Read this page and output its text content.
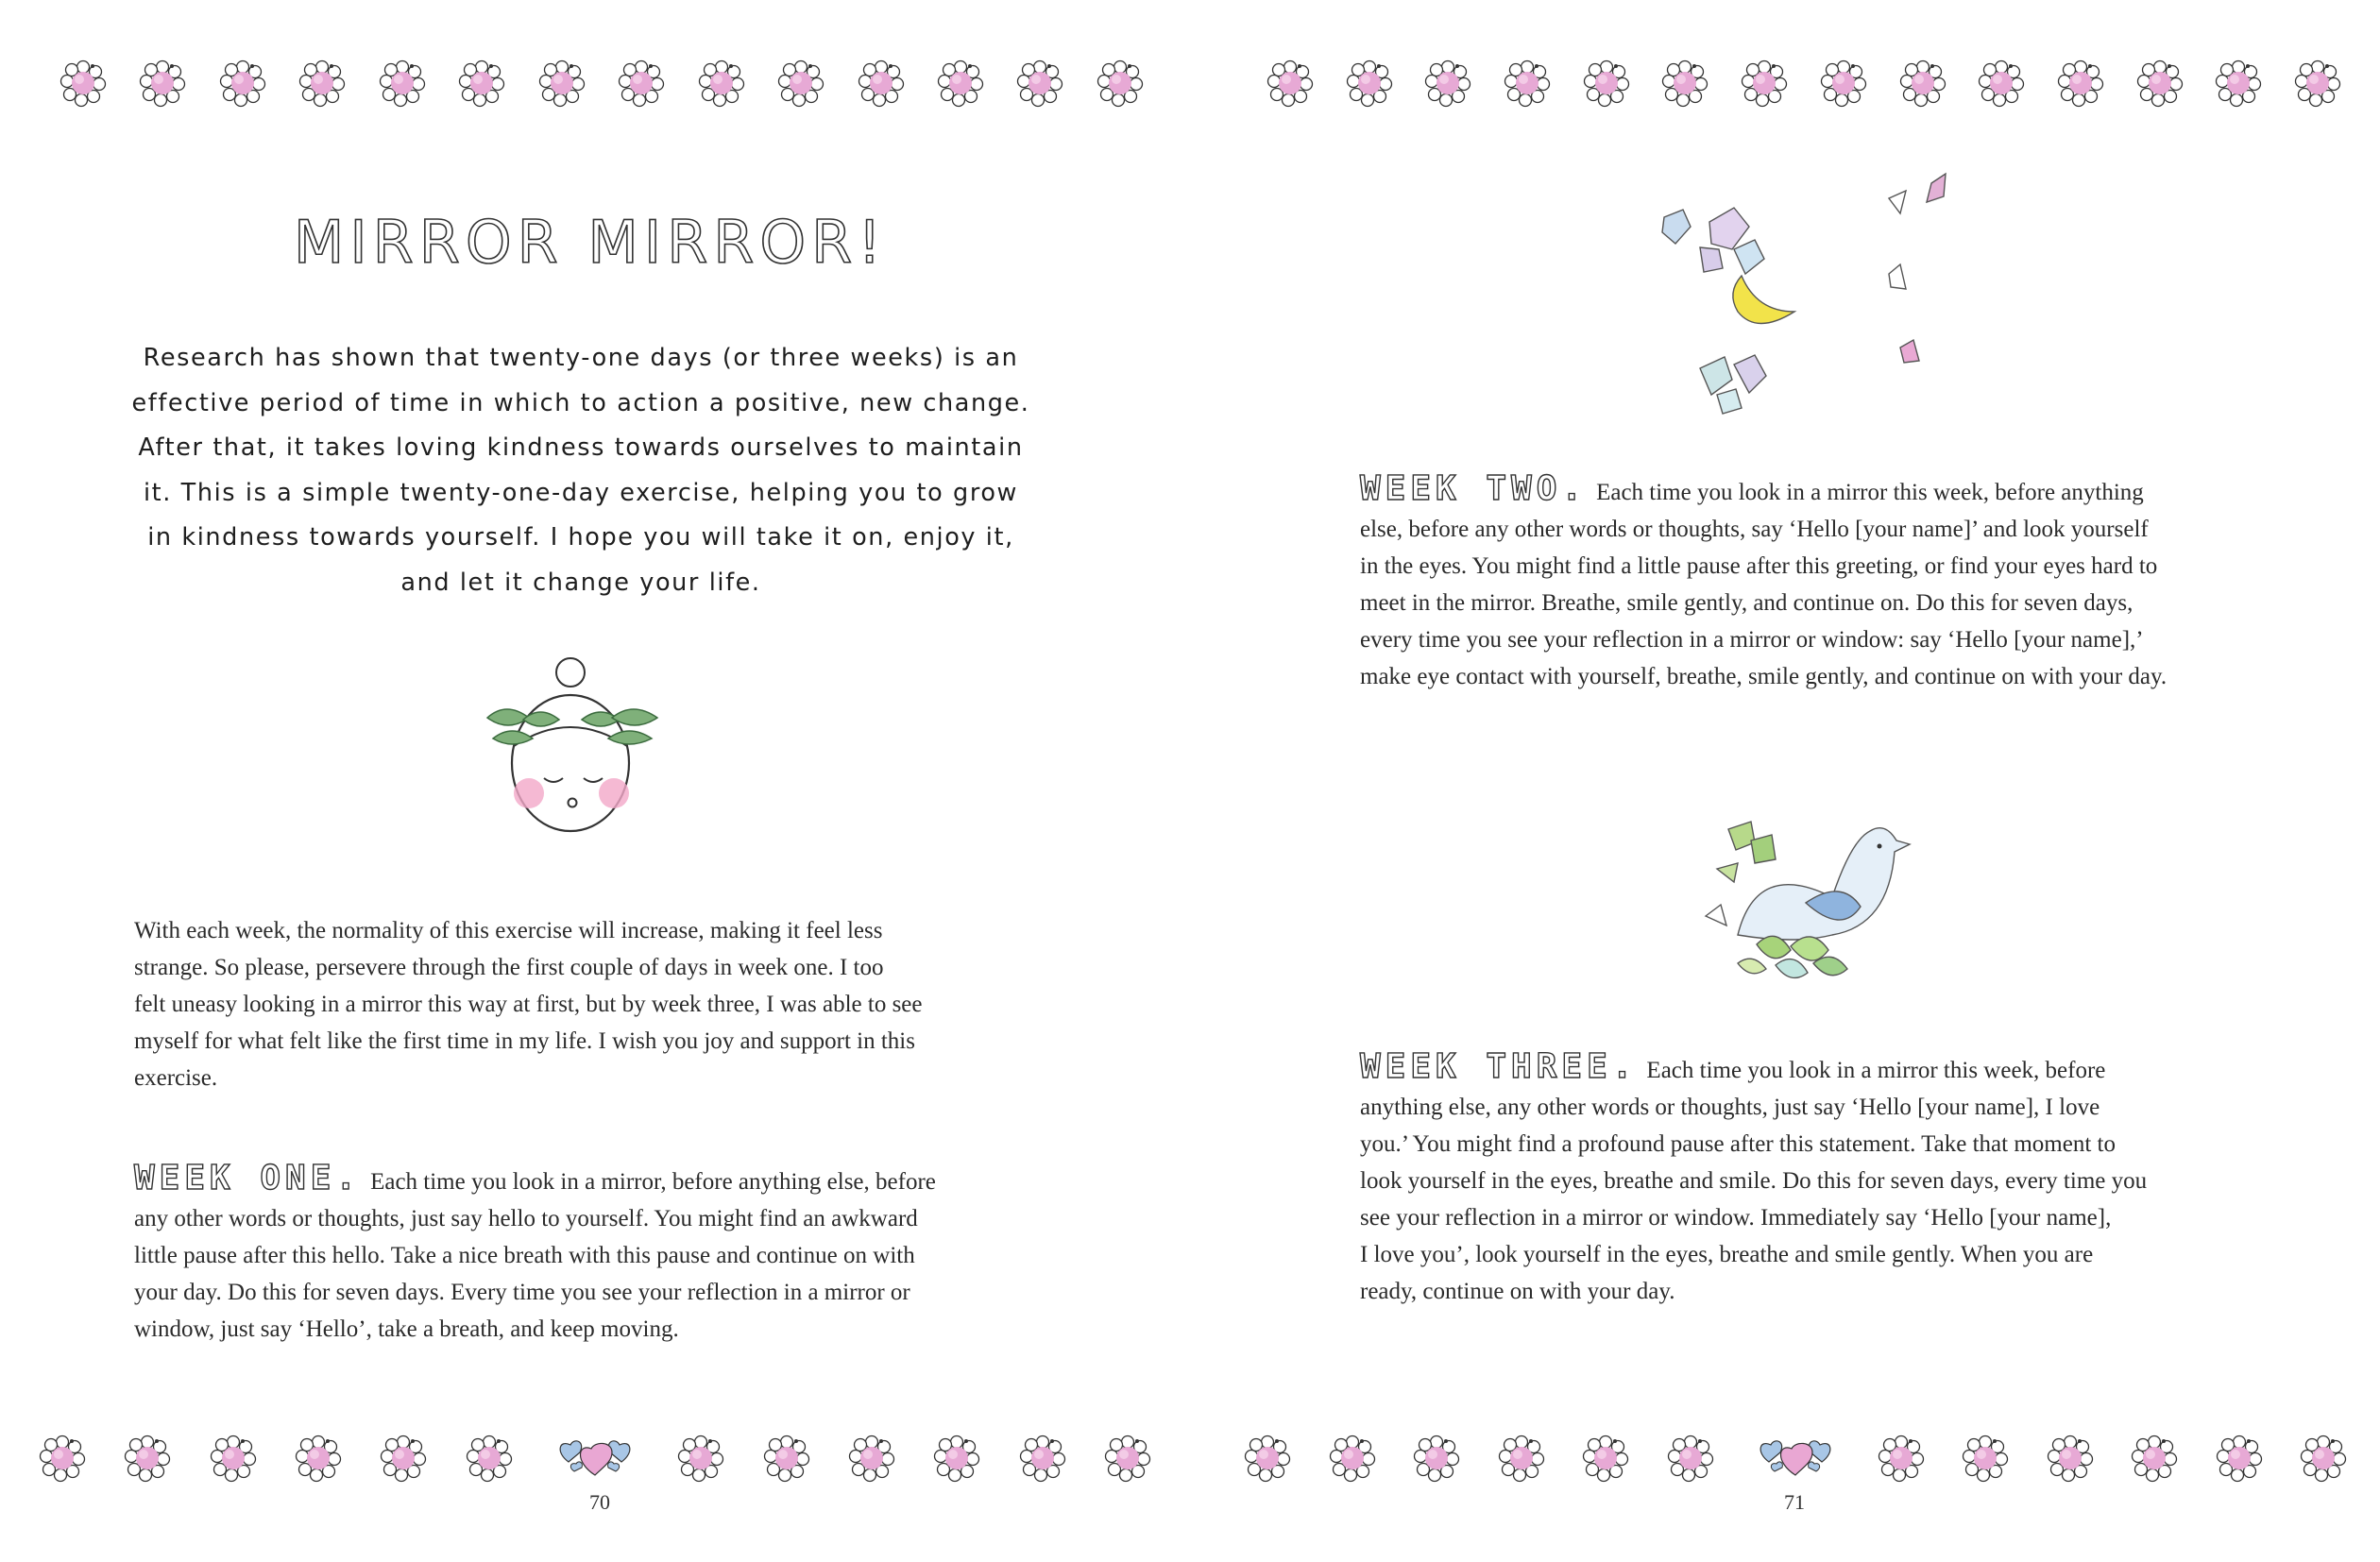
MIRROR MIRROR!
Research has shown that twenty-one days (or three weeks) is an
effective period of time in which to action a positive, new change.
After that, it takes loving kindness towards ourselves to maintain
it. This is a simple twenty-one-day exercise, helping you to grow
in kindness towards yourself. I hope you will take it on, enjoy it,
and let it change your life.
With each week, the normality of this exercise will increase, making it feel less
strange. So please, persevere through the first couple of days in week one. I too
felt uneasy looking in a mirror this way at first, but by week three, I was able to see
myself for what felt like the first time in my life. I wish you joy and support in this
exercise.
WEEK ONE. Each time you look in a mirror, before anything else, before
any other words or thoughts, just say hello to yourself. You might find an awkward
little pause after this hello. Take a nice breath with this pause and continue on with
your day. Do this for seven days. Every time you see your reflection in a mirror or
window, just say ‘Hello’, take a breath, and keep moving.
70
WEEK TWO. Each time you look in a mirror this week, before anything
else, before any other words or thoughts, say ‘Hello [your name]’ and look yourself
in the eyes. You might find a little pause after this greeting, or find your eyes hard to
meet in the mirror. Breathe, smile gently, and continue on. Do this for seven days,
every time you see your reflection in a mirror or window: say ‘Hello [your name],’
make eye contact with yourself, breathe, smile gently, and continue on with your day.
WEEK THREE. Each time you look in a mirror this week, before
anything else, any other words or thoughts, just say ‘Hello [your name], I love
you.’ You might find a profound pause after this statement. Take that moment to
look yourself in the eyes, breathe and smile. Do this for seven days, every time you
see your reflection in a mirror or window. Immediately say ‘Hello [your name],
I love you’, look yourself in the eyes, breathe and smile gently. When you are
ready, continue on with your day.
71
